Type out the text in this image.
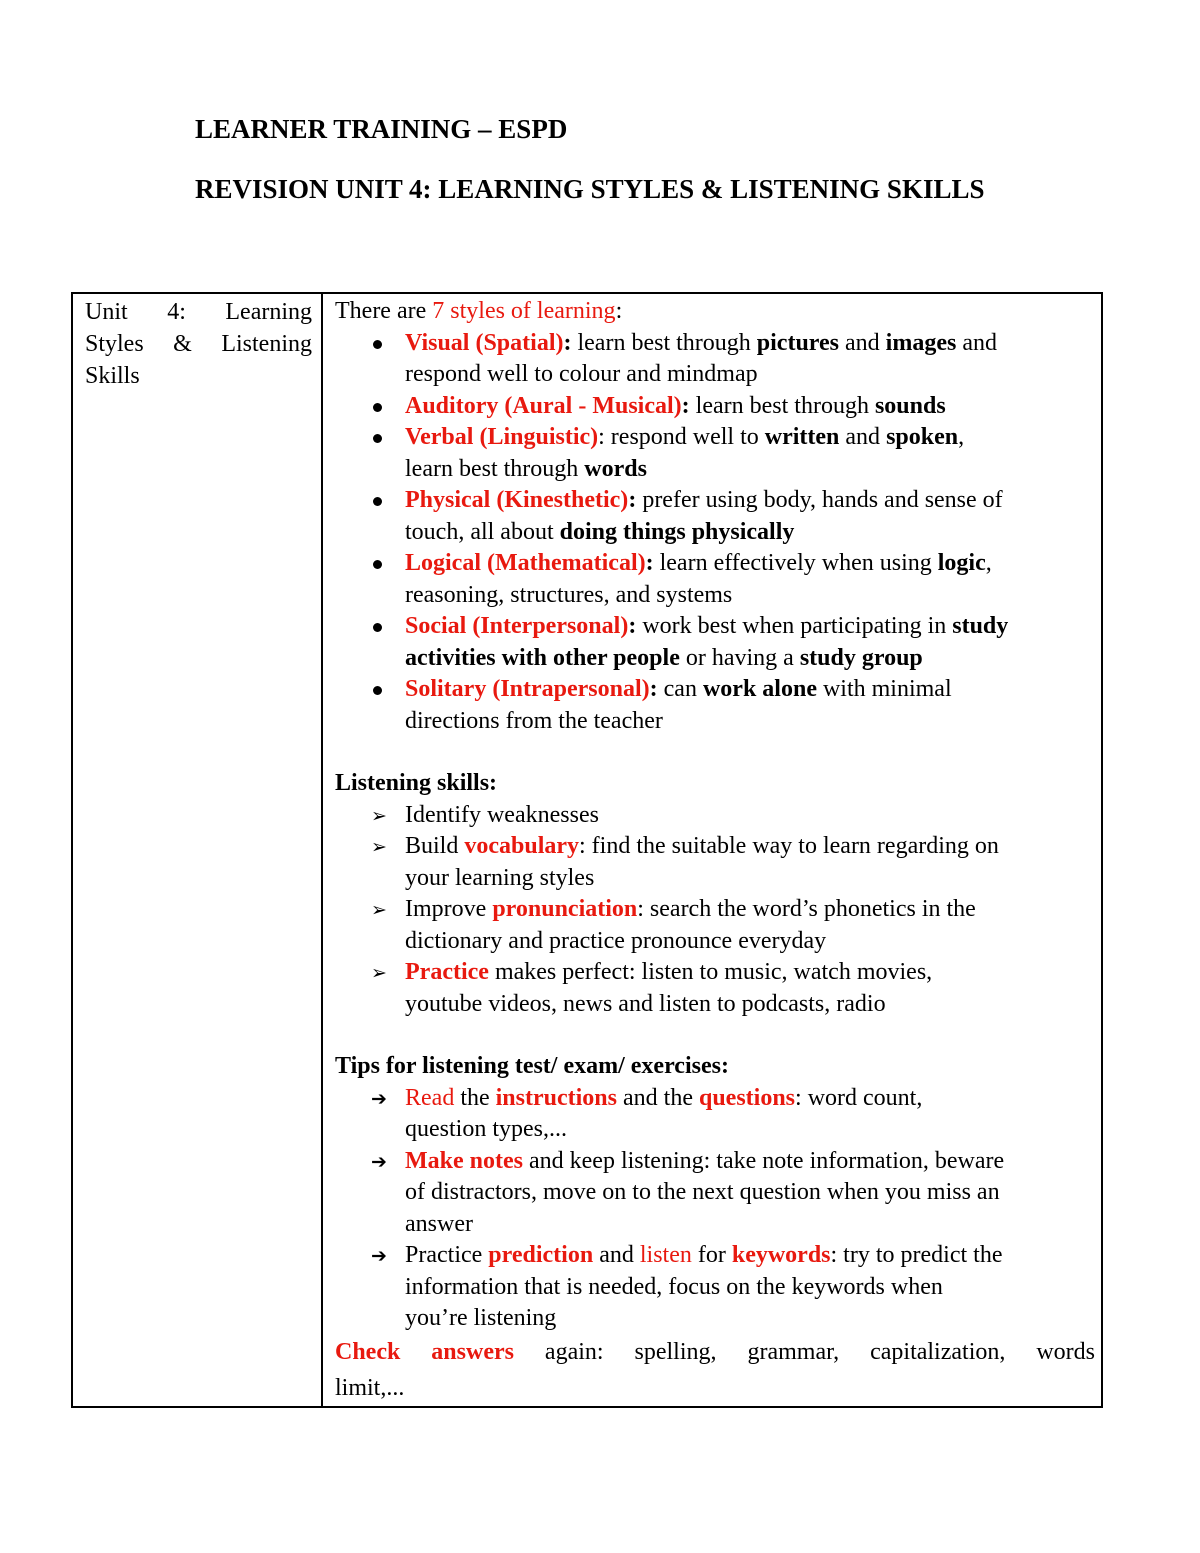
LEARNER TRAINING – ESPD
REVISION UNIT 4: LEARNING STYLES & LISTENING SKILLS
Unit 4: Learning
Styles & Listening
Skills
There are 7 styles of learning:
Visual (Spatial): learn best through pictures and images and
respond well to colour and mindmap
Auditory (Aural - Musical): learn best through sounds
Verbal (Linguistic): respond well to written and spoken,
learn best through words
Physical (Kinesthetic): prefer using body, hands and sense of
touch, all about doing things physically
Logical (Mathematical): learn effectively when using logic,
reasoning, structures, and systems
Social (Interpersonal): work best when participating in study
activities with other people or having a study group
Solitary (Intrapersonal): can work alone with minimal
directions from the teacher
Listening skills:
➢ Identify weaknesses
➢ Build vocabulary: find the suitable way to learn regarding on
your learning styles
➢ Improve pronunciation: search the word’s phonetics in the
dictionary and practice pronounce everyday
➢ Practice makes perfect: listen to music, watch movies,
youtube videos, news and listen to podcasts, radio
Tips for listening test/ exam/ exercises:
➔ Read the instructions and the questions: word count,
question types,...
➔ Make notes and keep listening: take note information, beware
of distractors, move on to the next question when you miss an
answer
➔ Practice prediction and listen for keywords: try to predict the
information that is needed, focus on the keywords when
you’re listening
Check answers again: spelling, grammar, capitalization, words
limit,...
